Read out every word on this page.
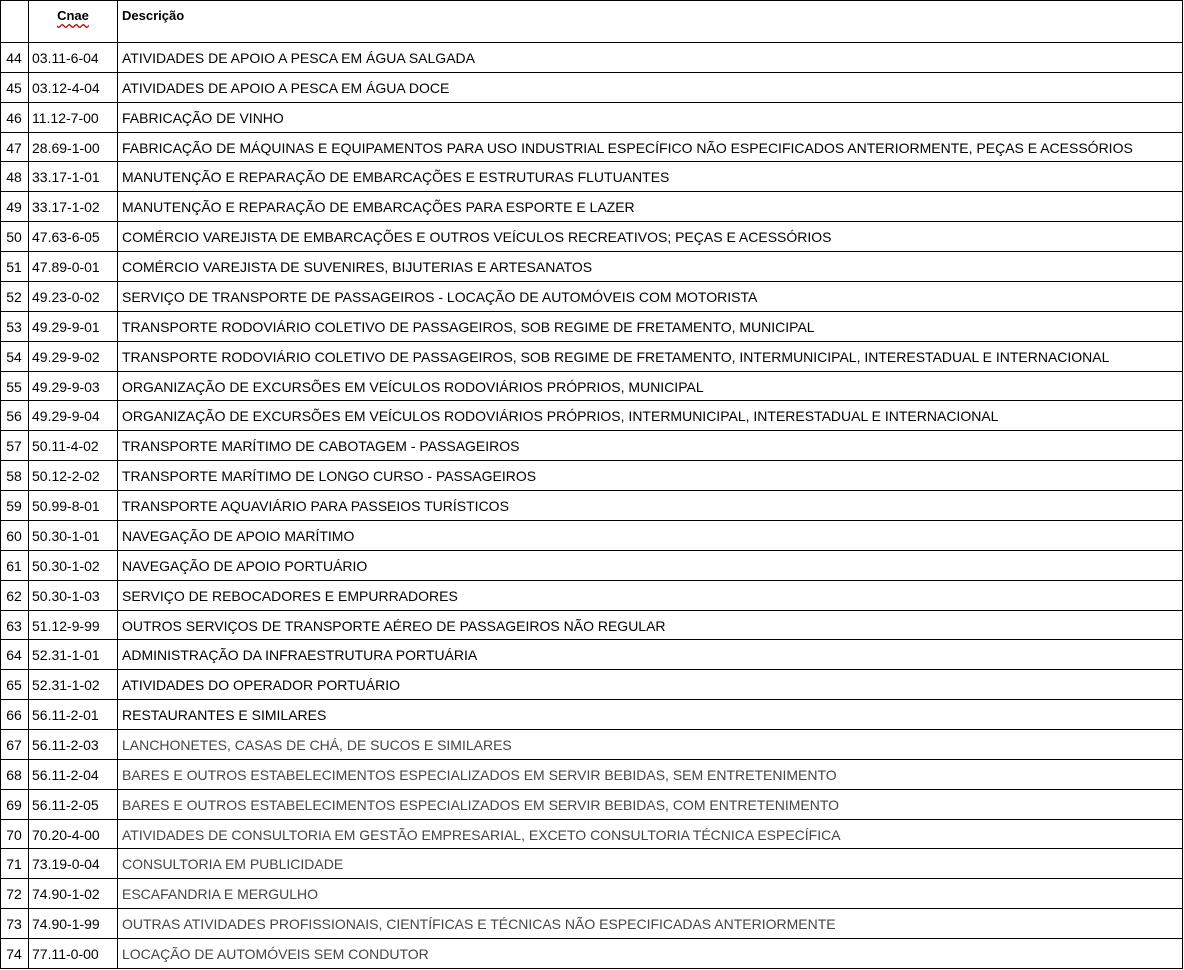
Cnae	Descrição
44 03.11-6-04	ATIVIDADES DE APOIO A PESCA EM ÁGUA SALGADA
45 03.12-4-04	ATIVIDADES DE APOIO A PESCA EM ÁGUA DOCE
46 11.12-7-00	FABRICAÇÃO DE VINHO
47 28.69-1-00	FABRICAÇÃO DE MÁQUINAS E EQUIPAMENTOS PARA USO INDUSTRIAL ESPECÍFICO NÃO ESPECIFICADOS ANTERIORMENTE, PEÇAS E ACESSÓRIOS
48 33.17-1-01	MANUTENÇÃO E REPARAÇÃO DE EMBARCAÇÕES E ESTRUTURAS FLUTUANTES
49 33.17-1-02	MANUTENÇÃO E REPARAÇÃO DE EMBARCAÇÕES PARA ESPORTE E LAZER
50 47.63-6-05	COMÉRCIO VAREJISTA DE EMBARCAÇÕES E OUTROS VEÍCULOS RECREATIVOS; PEÇAS E ACESSÓRIOS
51 47.89-0-01	COMÉRCIO VAREJISTA DE SUVENIRES, BIJUTERIAS E ARTESANATOS
52 49.23-0-02	SERVIÇO DE TRANSPORTE DE PASSAGEIROS - LOCAÇÃO DE AUTOMÓVEIS COM MOTORISTA
53 49.29-9-01	TRANSPORTE RODOVIÁRIO COLETIVO DE PASSAGEIROS, SOB REGIME DE FRETAMENTO, MUNICIPAL
54 49.29-9-02	TRANSPORTE RODOVIÁRIO COLETIVO DE PASSAGEIROS, SOB REGIME DE FRETAMENTO, INTERMUNICIPAL, INTERESTADUAL E INTERNACIONAL
55 49.29-9-03	ORGANIZAÇÃO DE EXCURSÕES EM VEÍCULOS RODOVIÁRIOS PRÓPRIOS, MUNICIPAL
56 49.29-9-04	ORGANIZAÇÃO DE EXCURSÕES EM VEÍCULOS RODOVIÁRIOS PRÓPRIOS, INTERMUNICIPAL, INTERESTADUAL E INTERNACIONAL
57 50.11-4-02	TRANSPORTE MARÍTIMO DE CABOTAGEM - PASSAGEIROS
58 50.12-2-02	TRANSPORTE MARÍTIMO DE LONGO CURSO - PASSAGEIROS
59 50.99-8-01	TRANSPORTE AQUAVIÁRIO PARA PASSEIOS TURÍSTICOS
60 50.30-1-01	NAVEGAÇÃO DE APOIO MARÍTIMO
61 50.30-1-02	NAVEGAÇÃO DE APOIO PORTUÁRIO
62 50.30-1-03	SERVIÇO DE REBOCADORES E EMPURRADORES
63 51.12-9-99	OUTROS SERVIÇOS DE TRANSPORTE AÉREO DE PASSAGEIROS NÃO REGULAR
64 52.31-1-01	ADMINISTRAÇÃO DA INFRAESTRUTURA PORTUÁRIA
65 52.31-1-02	ATIVIDADES DO OPERADOR PORTUÁRIO
66 56.11-2-01	RESTAURANTES E SIMILARES
67 56.11-2-03	LANCHONETES, CASAS DE CHÁ, DE SUCOS E SIMILARES
68 56.11-2-04	BARES E OUTROS ESTABELECIMENTOS ESPECIALIZADOS EM SERVIR BEBIDAS, SEM ENTRETENIMENTO
69 56.11-2-05	BARES E OUTROS ESTABELECIMENTOS ESPECIALIZADOS EM SERVIR BEBIDAS, COM ENTRETENIMENTO
70 70.20-4-00	ATIVIDADES DE CONSULTORIA EM GESTÃO EMPRESARIAL, EXCETO CONSULTORIA TÉCNICA ESPECÍFICA
71 73.19-0-04	CONSULTORIA EM PUBLICIDADE
72 74.90-1-02	ESCAFANDRIA E MERGULHO
73 74.90-1-99	OUTRAS ATIVIDADES PROFISSIONAIS, CIENTÍFICAS E TÉCNICAS NÃO ESPECIFICADAS ANTERIORMENTE
74 77.11-0-00	LOCAÇÃO DE AUTOMÓVEIS SEM CONDUTOR
